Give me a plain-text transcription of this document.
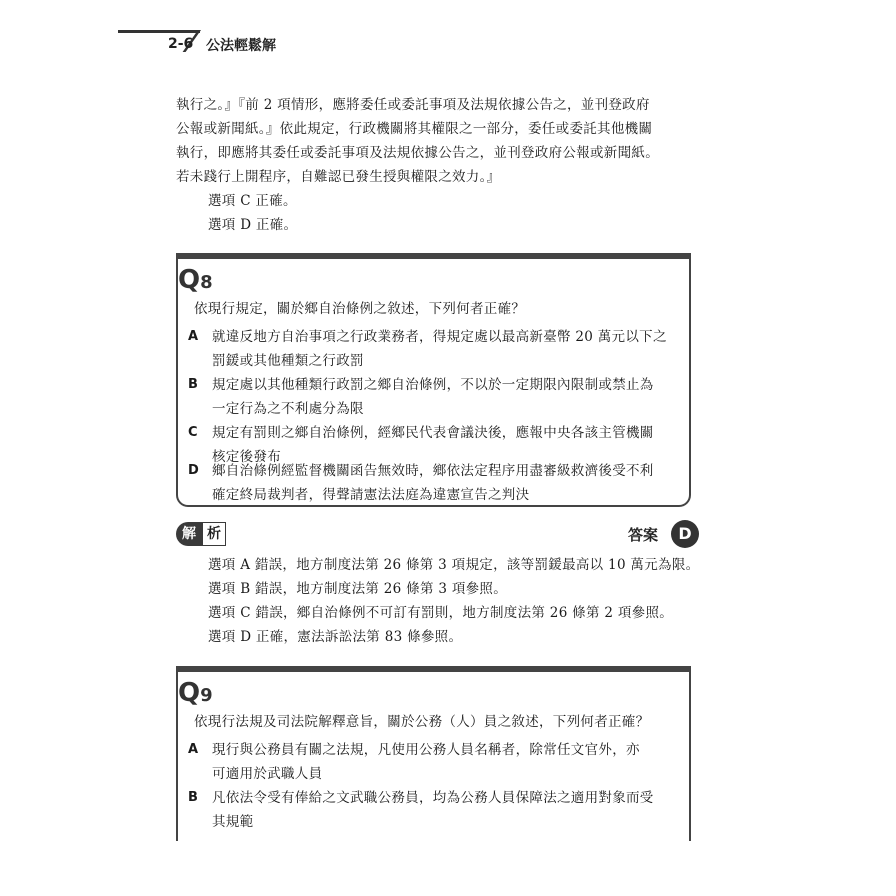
2-6 公法輕鬆解
執行之。』『前 2 項情形，應將委任或委託事項及法規依據公告之，並刊登政府
公報或新聞紙。』依此規定，行政機關將其權限之一部分，委任或委託其他機關
執行，即應將其委任或委託事項及法規依據公告之，並刊登政府公報或新聞紙。
若未踐行上開程序，自難認已發生授與權限之效力。』
選項 C 正確。
選項 D 正確。
Q8
依現行規定，關於鄉自治條例之敘述，下列何者正確？
A 就違反地方自治事項之行政業務者，得規定處以最高新臺幣 20 萬元以下之
罰鍰或其他種類之行政罰
B 規定處以其他種類行政罰之鄉自治條例，不以於一定期限內限制或禁止為
一定行為之不利處分為限
C 規定有罰則之鄉自治條例，經鄉民代表會議決後，應報中央各該主管機關
核定後發布
D 鄉自治條例經監督機關函告無效時，鄉依法定程序用盡審級救濟後受不利
確定終局裁判者，得聲請憲法法庭為違憲宣告之判決
解 析	答案	D
選項 A 錯誤，地方制度法第 26 條第 3 項規定，該等罰鍰最高以 10 萬元為限。
選項 B 錯誤，地方制度法第 26 條第 3 項參照。
選項 C 錯誤，鄉自治條例不可訂有罰則，地方制度法第 26 條第 2 項參照。
選項 D 正確，憲法訴訟法第 83 條參照。
Q9
依現行法規及司法院解釋意旨，關於公務（人）員之敘述，下列何者正確？
A 現行與公務員有關之法規，凡使用公務人員名稱者，除常任文官外，亦
可適用於武職人員
B 凡依法令受有俸給之文武職公務員，均為公務人員保障法之適用對象而受
其規範
